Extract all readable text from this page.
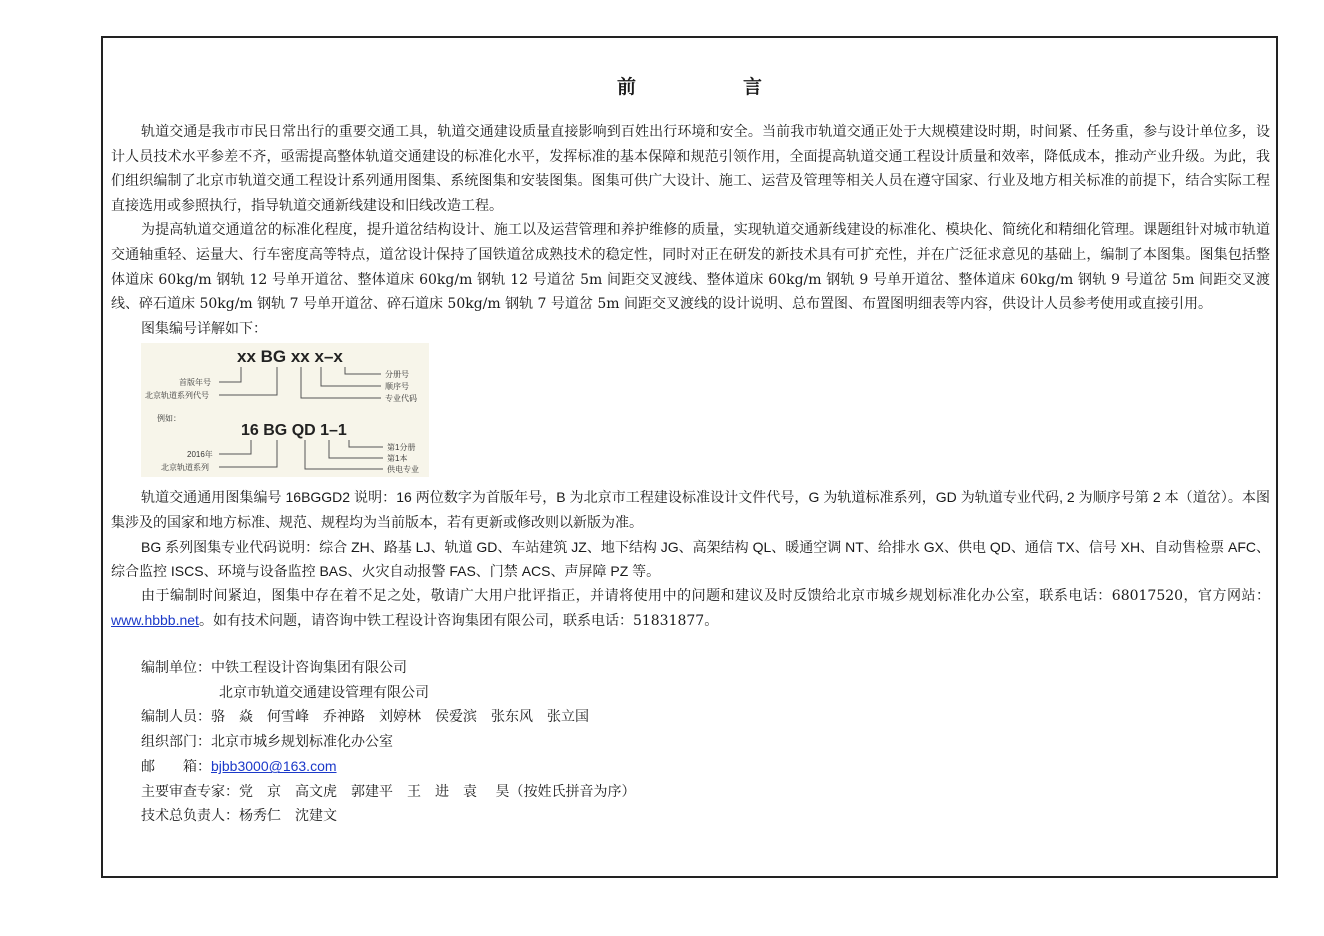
前　言

轨道交通是我市市民日常出行的重要交通工具，轨道交通建设质量直接影响到百姓出行环境和安全。当前我市轨道交通正处于大规模建设时期，时间紧、任务重，参与设计单位多，设计人员技术水平参差不齐，亟需提高整体轨道交通建设的标准化水平，发挥标准的基本保障和规范引领作用，全面提高轨道交通工程设计质量和效率，降低成本，推动产业升级。为此，我们组织编制了北京市轨道交通工程设计系列通用图集、系统图集和安装图集。图集可供广大设计、施工、运营及管理等相关人员在遵守国家、行业及地方相关标准的前提下，结合实际工程直接选用或参照执行，指导轨道交通新线建设和旧线改造工程。

为提高轨道交通道岔的标准化程度，提升道岔结构设计、施工以及运营管理和养护维修的质量，实现轨道交通新线建设的标准化、模块化、简统化和精细化管理。课题组针对城市轨道交通轴重轻、运量大、行车密度高等特点，道岔设计保持了国铁道岔成熟技术的稳定性，同时对正在研发的新技术具有可扩充性，并在广泛征求意见的基础上，编制了本图集。图集包括整体道床 60kg/m 钢轨 12 号单开道岔、整体道床 60kg/m 钢轨 12 号道岔 5m 间距交叉渡线、整体道床 60kg/m 钢轨 9 号单开道岔、整体道床 60kg/m 钢轨 9 号道岔 5m 间距交叉渡线、碎石道床 50kg/m 钢轨 7 号单开道岔、碎石道床 50kg/m 钢轨 7 号道岔 5m 间距交叉渡线的设计说明、总布置图、布置图明细表等内容，供设计人员参考使用或直接引用。

图集编号详解如下：

xx BG xx x–x
首版年号
北京轨道系列代号
分册号
顺序号
专业代码
例如：
16 BG QD 1–1
2016年
北京轨道系列
第1分册
第1本
供电专业

轨道交通通用图集编号 16BGGD2 说明：16 两位数字为首版年号，B 为北京市工程建设标准设计文件代号，G 为轨道标准系列，GD 为轨道专业代码, 2 为顺序号第 2 本（道岔）。本图集涉及的国家和地方标准、规范、规程均为当前版本，若有更新或修改则以新版为准。

BG 系列图集专业代码说明：综合 ZH、路基 LJ、轨道 GD、车站建筑 JZ、地下结构 JG、高架结构 QL、暖通空调 NT、给排水 GX、供电 QD、通信 TX、信号 XH、自动售检票 AFC、综合监控 ISCS、环境与设备监控 BAS、火灾自动报警 FAS、门禁 ACS、声屏障 PZ 等。

由于编制时间紧迫，图集中存在着不足之处，敬请广大用户批评指正，并请将使用中的问题和建议及时反馈给北京市城乡规划标准化办公室，联系电话：68017520，官方网站：www.hbbb.net。如有技术问题，请咨询中铁工程设计咨询集团有限公司，联系电话：51831877。

编制单位：中铁工程设计咨询集团有限公司
北京市轨道交通建设管理有限公司
编制人员：骆　焱　何雪峰　乔神路　刘婷林　侯爱滨　张东风　张立国
组织部门：北京市城乡规划标准化办公室
邮　　箱：bjbb3000@163.com
主要审查专家：党　京　高文虎　郭建平　王　进　袁　 昊（按姓氏拼音为序）
技术总负责人：杨秀仁　沈建文
